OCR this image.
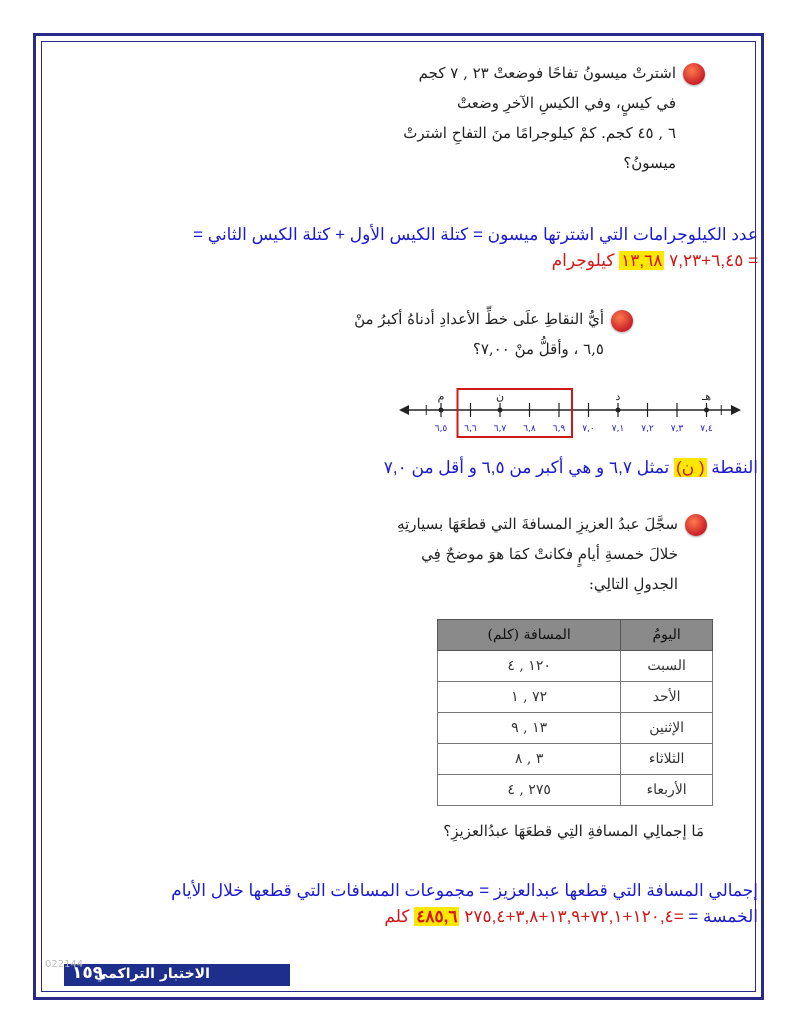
اشترتْ ميسونُ تفاحًا فوضعتْ ٢٣ , ٧ كجم
في كيسٍ، وفي الكيسِ الآخرِ وضعتْ
٦ , ٤٥ كجم. كمْ كيلوجرامًا منَ التفاحِ اشترتْ
ميسونُ؟
عدد الكيلوجرامات التي اشترتها ميسون = كتلة الكيس الأول + كتلة الكيس الثاني =
٦,٤٥+٧,٢٣ = ١٣,٦٨ كيلوجرام
أيُّ النقاطِ علَى خطِّ الأعدادِ أدناهُ أكبرُ منْ
٦,٥ ، وأقلُّ منْ ٧,٠٠؟
٦,٥ ٦,٦ ٦,٧ ٦,٨ ٦,٩ ٧,٠ ٧,١ ٧,٢ ٧,٣ ٧,٤
م	ن	د	هـ
النقطة ( ن) تمثل ٦,٧ و هي أكبر من ٦,٥ و أقل من ٧,٠
سجَّلَ عبدُ العزيزِ المسافةَ التي قطعَهَا بسيارتِهِ
خلالَ خمسةِ أيامٍ فكانتْ كمَا هوَ موضحٌ فِي
الجدولِ التالِي:
اليومُ	المسافة (كلم)
السبت	١٢٠ , ٤
الأحد	٧٢ , ١
الإثنين	١٣ , ٩
الثلاثاء	٣ , ٨
الأربعاء	٢٧٥ , ٤
مَا إجمالِي المسافةِ التِي قطعَهَا عبدُالعزيزِ؟
إجمالي المسافة التي قطعها عبدالعزيز = مجموعات المسافات التي قطعها خلال الأيام
الخمسة = ١٢٠,٤+٧٢,١+١٣,٩+٣,٨+٢٧٥,٤= ٤٨٥,٦ كلم
022144
١٥٩
الاختبار التراكمي
